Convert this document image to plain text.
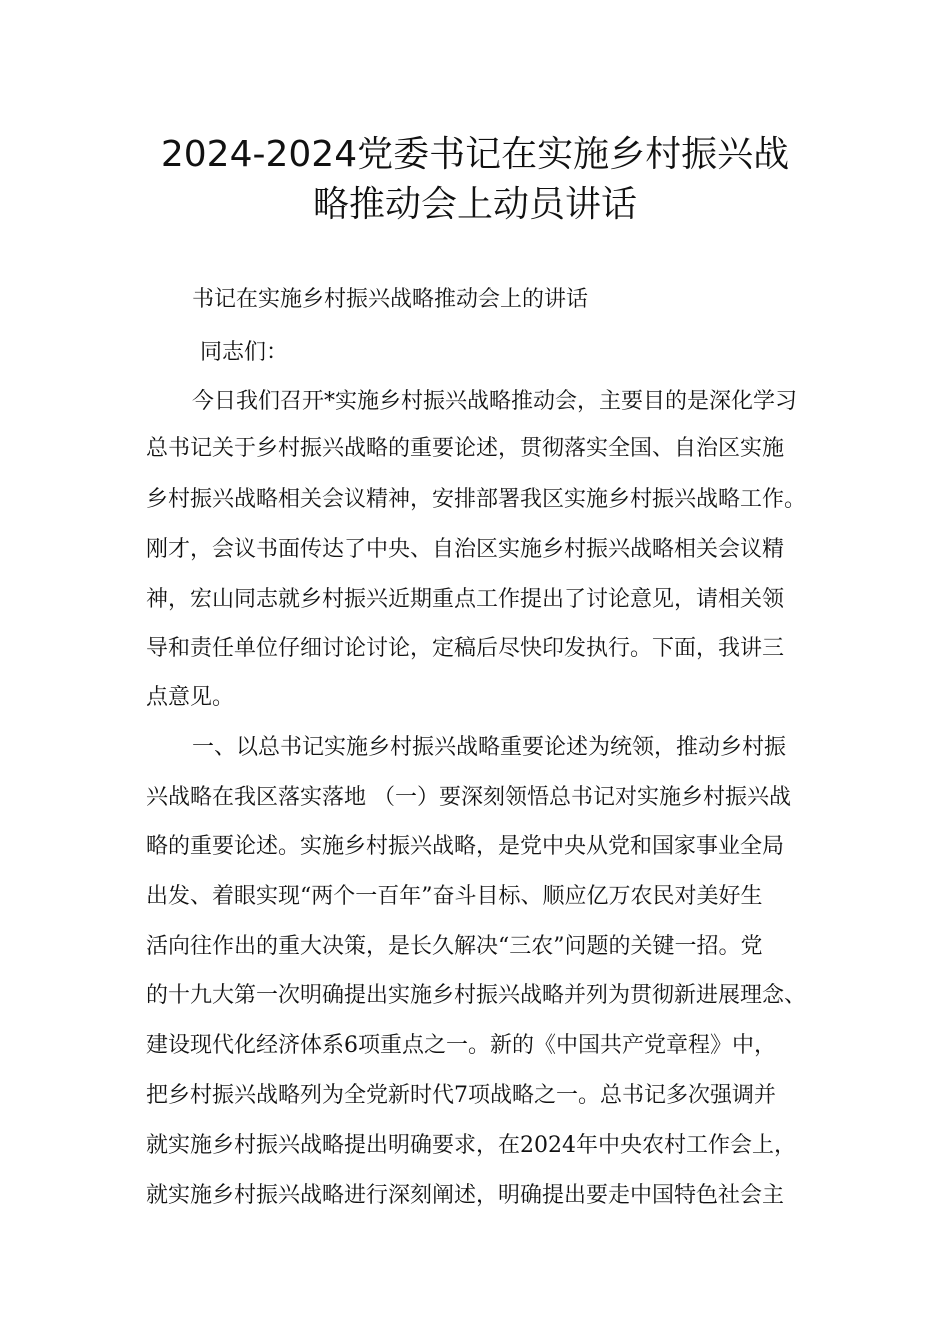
2024-2024党委书记在实施乡村振兴战
略推动会上动员讲话
书记在实施乡村振兴战略推动会上的讲话
同志们：
今日我们召开*实施乡村振兴战略推动会，主要目的是深化学习
总书记关于乡村振兴战略的重要论述，贯彻落实全国、自治区实施
乡村振兴战略相关会议精神，安排部署我区实施乡村振兴战略工作。
刚才，会议书面传达了中央、自治区实施乡村振兴战略相关会议精
神，宏山同志就乡村振兴近期重点工作提出了讨论意见，请相关领
导和责任单位仔细讨论讨论，定稿后尽快印发执行。下面，我讲三
点意见。
一、以总书记实施乡村振兴战略重要论述为统领，推动乡村振
兴战略在我区落实落地 （一）要深刻领悟总书记对实施乡村振兴战
略的重要论述。实施乡村振兴战略，是党中央从党和国家事业全局
出发、着眼实现“两个一百年”奋斗目标、顺应亿万农民对美好生
活向往作出的重大决策，是长久解决“三农”问题的关键一招。党
的十九大第一次明确提出实施乡村振兴战略并列为贯彻新进展理念、
建设现代化经济体系6项重点之一。新的《中国共产党章程》中，
把乡村振兴战略列为全党新时代7项战略之一。总书记多次强调并
就实施乡村振兴战略提出明确要求，在2024年中央农村工作会上，
就实施乡村振兴战略进行深刻阐述，明确提出要走中国特色社会主
